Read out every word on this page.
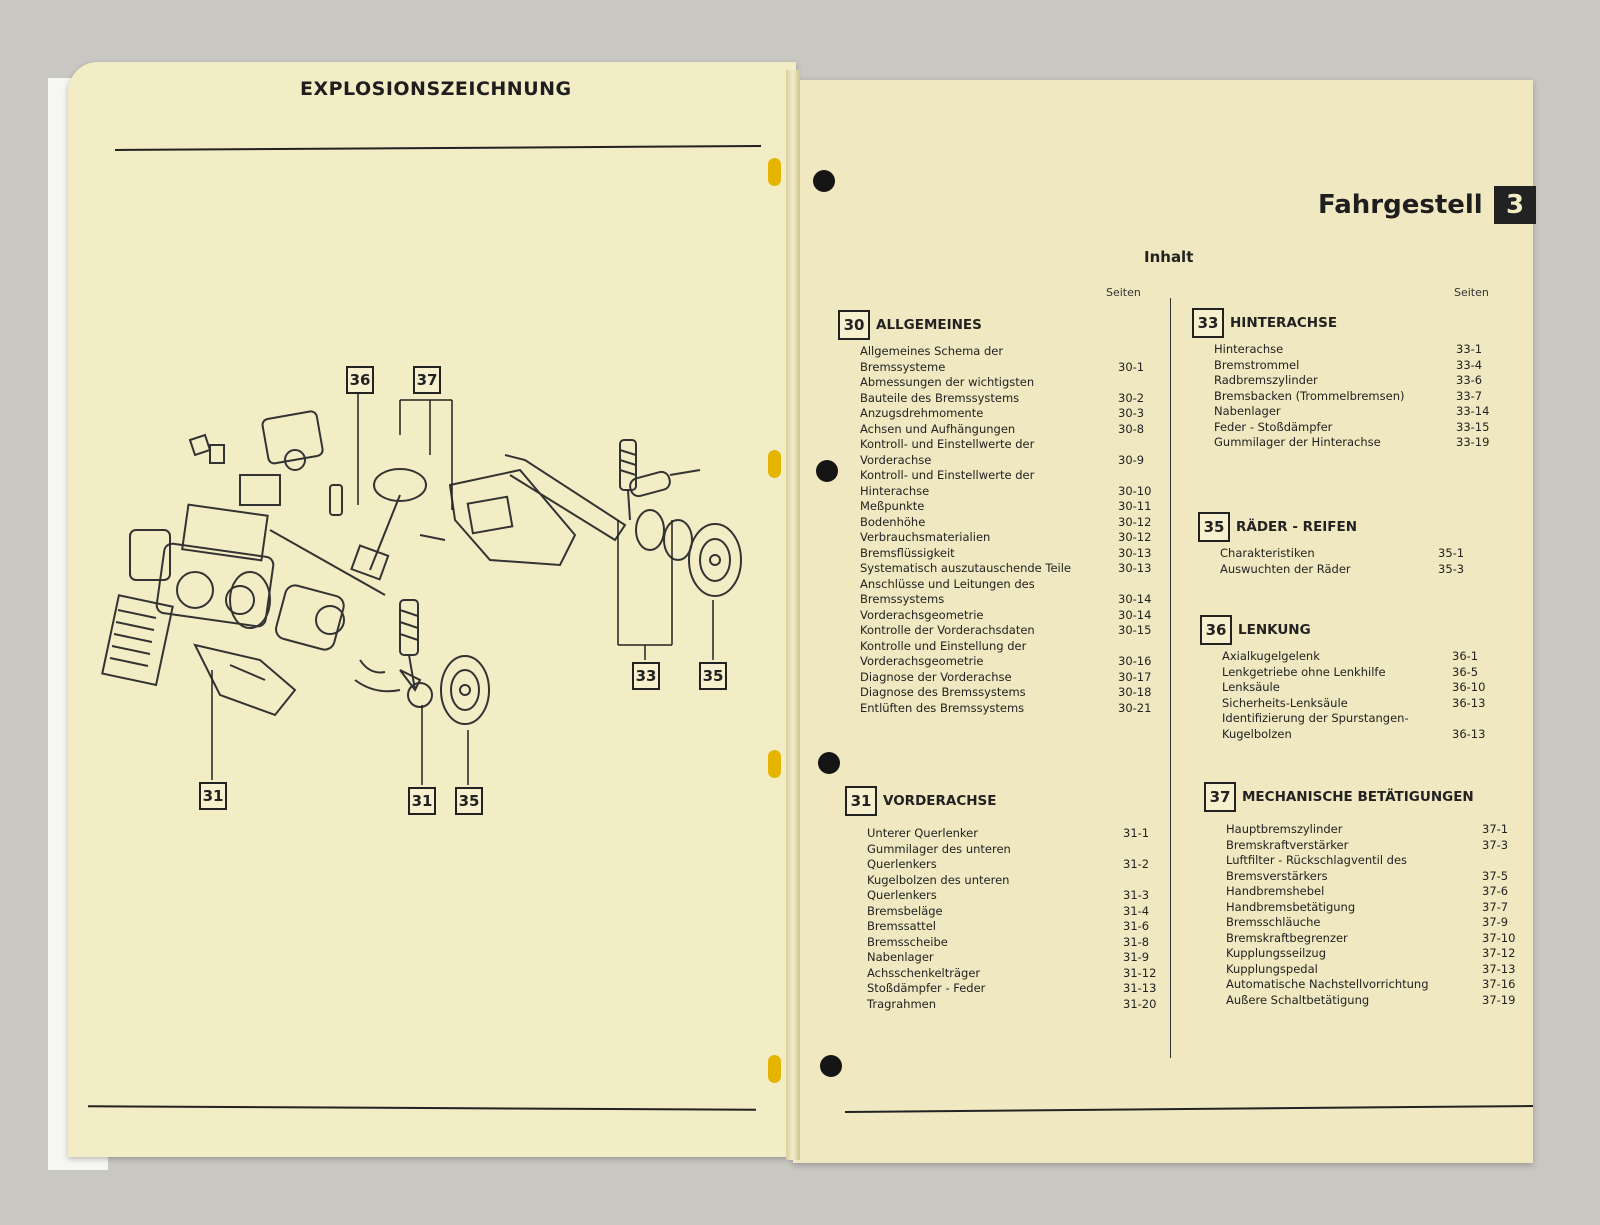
EXPLOSIONSZEICHNUNG
36	37
33	35
31	31 35
Fahrgestell 3
Inhalt
Seiten	Seiten
30 ALLGEMEINES
Allgemeines Schema der
Bremssysteme	30-1
Abmessungen der wichtigsten
Bauteile des Bremssystems	30-2
Anzugsdrehmomente	30-3
Achsen und Aufhängungen	30-8
Kontroll- und Einstellwerte der
Vorderachse	30-9
Kontroll- und Einstellwerte der
Hinterachse	30-10
Meßpunkte	30-11
Bodenhöhe	30-12
Verbrauchsmaterialien	30-12
Bremsflüssigkeit	30-13
Systematisch auszutauschende Teile	30-13
Anschlüsse und Leitungen des
Bremssystems	30-14
Vorderachsgeometrie	30-14
Kontrolle der Vorderachsdaten	30-15
Kontrolle und Einstellung der
Vorderachsgeometrie	30-16
Diagnose der Vorderachse	30-17
Diagnose des Bremssystems	30-18
Entlüften des Bremssystems	30-21
31 VORDERACHSE
Unterer Querlenker	31-1
Gummilager des unteren
Querlenkers	31-2
Kugelbolzen des unteren
Querlenkers	31-3
Bremsbeläge	31-4
Bremssattel	31-6
Bremsscheibe	31-8
Nabenlager	31-9
Achsschenkelträger	31-12
Stoßdämpfer - Feder	31-13
Tragrahmen	31-20
33 HINTERACHSE
Hinterachse	33-1
Bremstrommel	33-4
Radbremszylinder	33-6
Bremsbacken (Trommelbremsen)	33-7
Nabenlager	33-14
Feder - Stoßdämpfer	33-15
Gummilager der Hinterachse	33-19
35 RÄDER - REIFEN
Charakteristiken	35-1
Auswuchten der Räder	35-3
36 LENKUNG
Axialkugelgelenk	36-1
Lenkgetriebe ohne Lenkhilfe	36-5
Lenksäule	36-10
Sicherheits-Lenksäule	36-13
Identifizierung der Spurstangen-
Kugelbolzen	36-13
37 MECHANISCHE BETÄTIGUNGEN
Hauptbremszylinder	37-1
Bremskraftverstärker	37-3
Luftfilter - Rückschlagventil des
Bremsverstärkers	37-5
Handbremshebel	37-6
Handbremsbetätigung	37-7
Bremsschläuche	37-9
Bremskraftbegrenzer	37-10
Kupplungsseilzug	37-12
Kupplungspedal	37-13
Automatische Nachstellvorrichtung	37-16
Außere Schaltbetätigung	37-19
